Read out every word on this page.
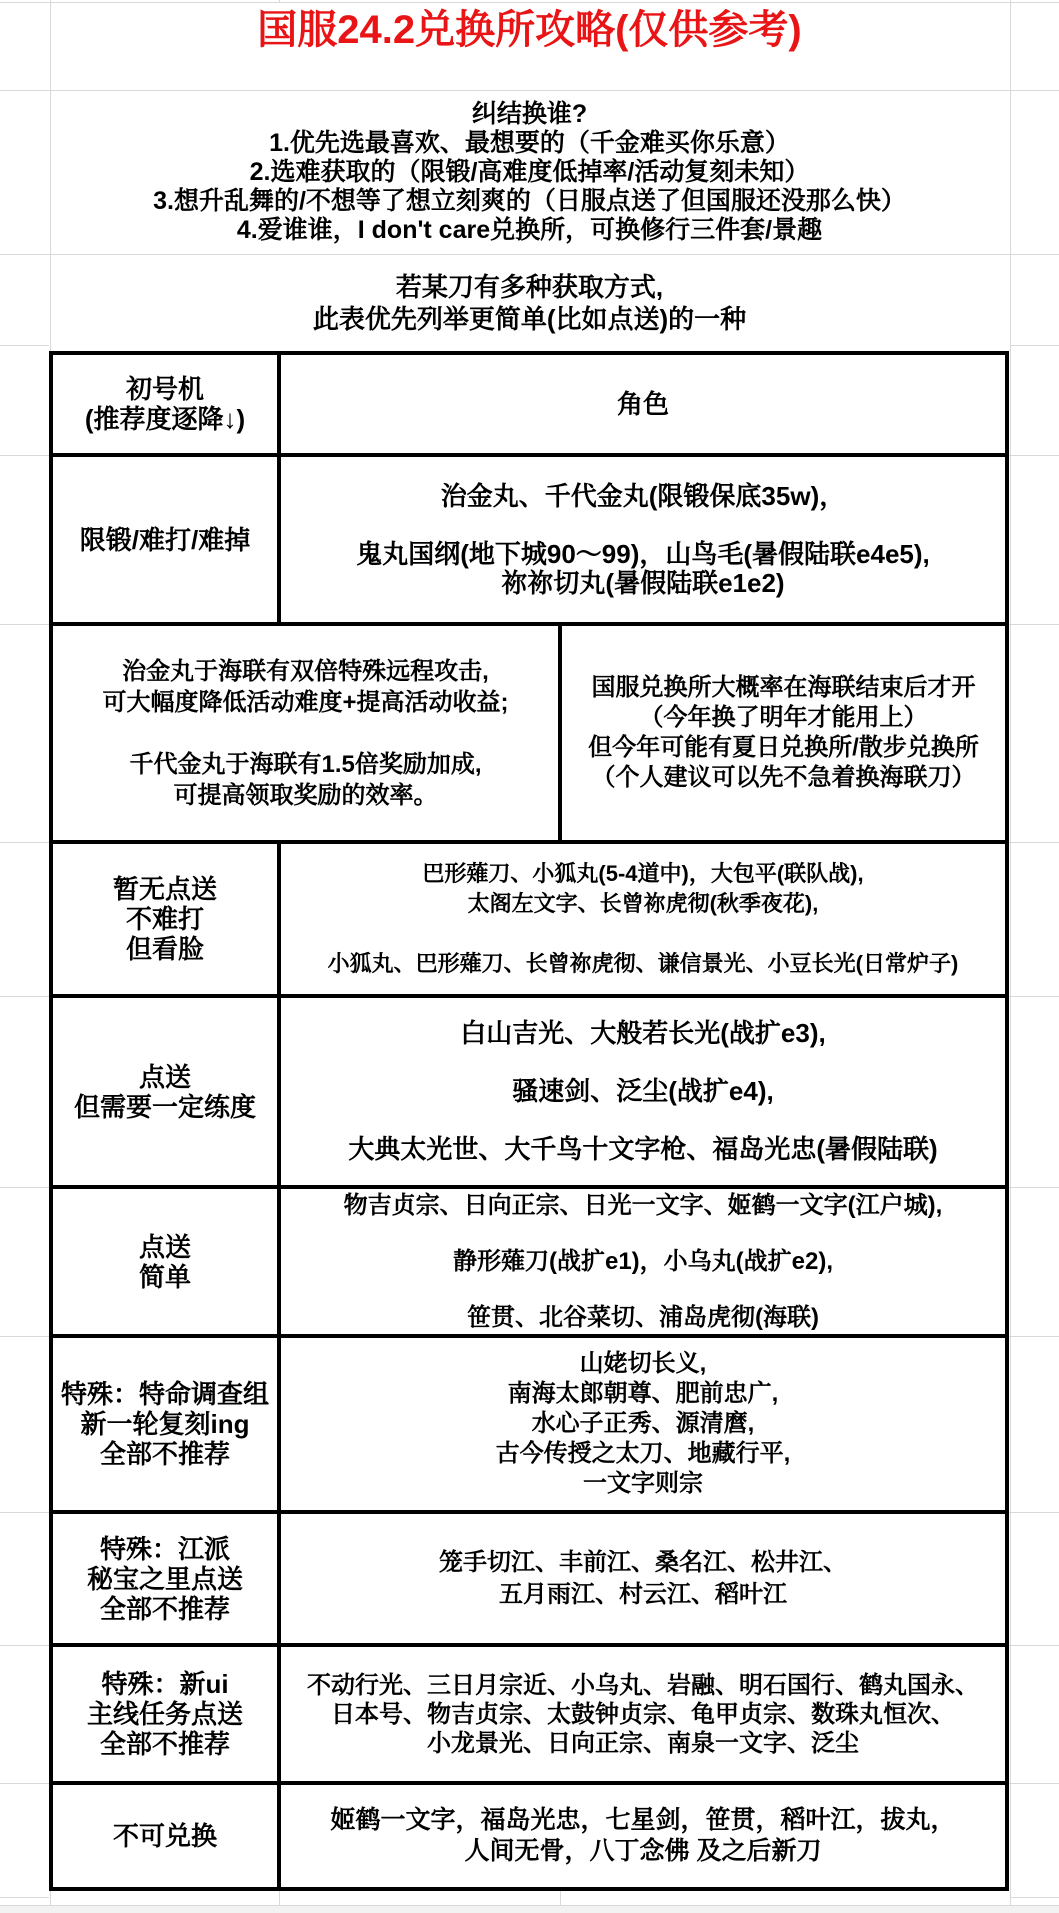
国服24.2兑换所攻略(仅供参考)
纠结换谁?
1.优先选最喜欢、最想要的（千金难买你乐意）
2.选难获取的（限锻/高难度低掉率/活动复刻未知）
3.想升乱舞的/不想等了想立刻爽的（日服点送了但国服还没那么快）
4.爱谁谁，I don't care兑换所，可换修行三件套/景趣
若某刀有多种获取方式,
此表优先列举更简单(比如点送)的一种
初号机
(推荐度逐降↓)	角色
限锻/难打/难掉
治金丸、千代金丸(限锻保底35w)，

鬼丸国纲(地下城90～99)，山鸟毛(暑假陆联e4e5),
祢祢切丸(暑假陆联e1e2)
治金丸于海联有双倍特殊远程攻击,
可大幅度降低活动难度+提高活动收益;

千代金丸于海联有1.5倍奖励加成,
可提高领取奖励的效率。
国服兑换所大概率在海联结束后才开
（今年换了明年才能用上）
但今年可能有夏日兑换所/散步兑换所
（个人建议可以先不急着换海联刀）
暂无点送
不难打
但看脸
巴形薙刀、小狐丸(5-4道中)，大包平(联队战),
太阁左文字、长曾祢虎彻(秋季夜花),

小狐丸、巴形薙刀、长曾祢虎彻、谦信景光、小豆长光(日常炉子)
点送
但需要一定练度
白山吉光、大般若长光(战扩e3),

骚速剑、泛尘(战扩e4),

大典太光世、大千鸟十文字枪、福岛光忠(暑假陆联)
点送
简单
物吉贞宗、日向正宗、日光一文字、姬鹤一文字(江户城),

静形薙刀(战扩e1)，小乌丸(战扩e2),

笹贯、北谷菜切、浦岛虎彻(海联)
特殊：特命调查组
新一轮复刻ing
全部不推荐
山姥切长义,
南海太郎朝尊、肥前忠广,
水心子正秀、源清麿,
古今传授之太刀、地藏行平,
一文字则宗
特殊：江派
秘宝之里点送
全部不推荐
笼手切江、丰前江、桑名江、松井江、
五月雨江、村云江、稻叶江
特殊：新ui
主线任务点送
全部不推荐
不动行光、三日月宗近、小乌丸、岩融、明石国行、鹤丸国永、
日本号、物吉贞宗、太鼓钟贞宗、龟甲贞宗、数珠丸恒次、
小龙景光、日向正宗、南泉一文字、泛尘
不可兑换
姬鹤一文字，福岛光忠，七星剑，笹贯，稻叶江，拔丸，
人间无骨，八丁念佛 及之后新刀
